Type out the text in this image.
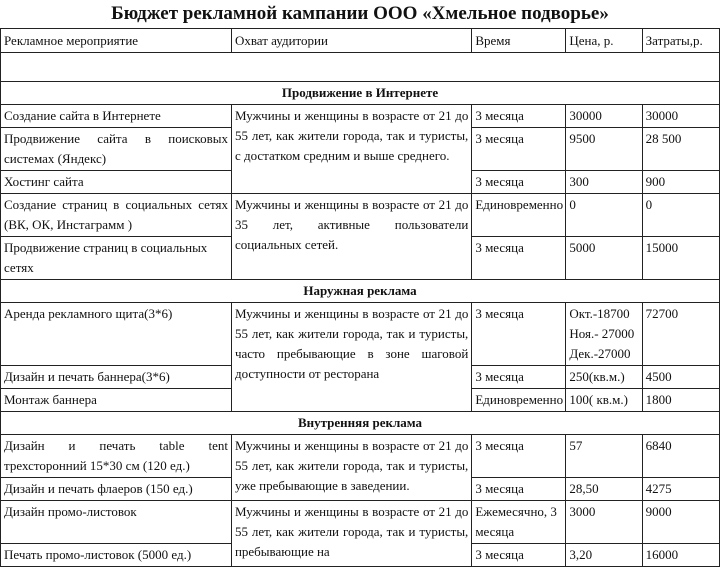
Бюджет рекламной кампании ООО «Хмельное подворье»
Рекламное мероприятие	Охват аудитории	Время	Цена, р.	Затраты,р.

Продвижение в Интернете				
Создание сайта в Интернете	Мужчины и женщины в возрасте от 21 до 55 лет, как жители города, так и туристы, с достатком средним и выше среднего.	3 месяца	30000	30000
Продвижение сайта в поисковых системах (Яндекс)		3 месяца	9500	28 500
Хостинг сайта		3 месяца	300	900
Создание страниц в социальных сетях (ВК, ОК, Инстаграмм )	Мужчины и женщины в возрасте от 21 до 35 лет, активные пользователи социальных сетей.	Единовременно	0	0
Продвижение страниц в социальных сетях		3 месяца	5000	15000
Наружная реклама				
Аренда рекламного щита(3*6)	Мужчины и женщины в возрасте от 21 до 55 лет, как жители города, так и туристы, часто пребывающие в зоне шаговой доступности от ресторана	3 месяца	Окт.-18700
Ноя.- 27000
Дек.-27000	72700
Дизайн и печать баннера(3*6)		3 месяца	250(кв.м.)	4500
Монтаж баннера		Единовременно	100( кв.м.)	1800
Внутренняя реклама				
Дизайн и печать table tent трехсторонний 15*30 см (120 ед.)	Мужчины и женщины в возрасте от 21 до 55 лет, как жители города, так и туристы, уже пребывающие в заведении.	3 месяца	57	6840
Дизайн и печать флаеров (150 ед.)		3 месяца	28,50	4275
Дизайн промо-листовок	Мужчины и женщины в возрасте от 21 до 55 лет, как жители города, так и туристы, пребывающие на	Ежемесячно, 3 месяца	3000	9000
Печать промо-листовок (5000 ед.)		3 месяца	3,20	16000
